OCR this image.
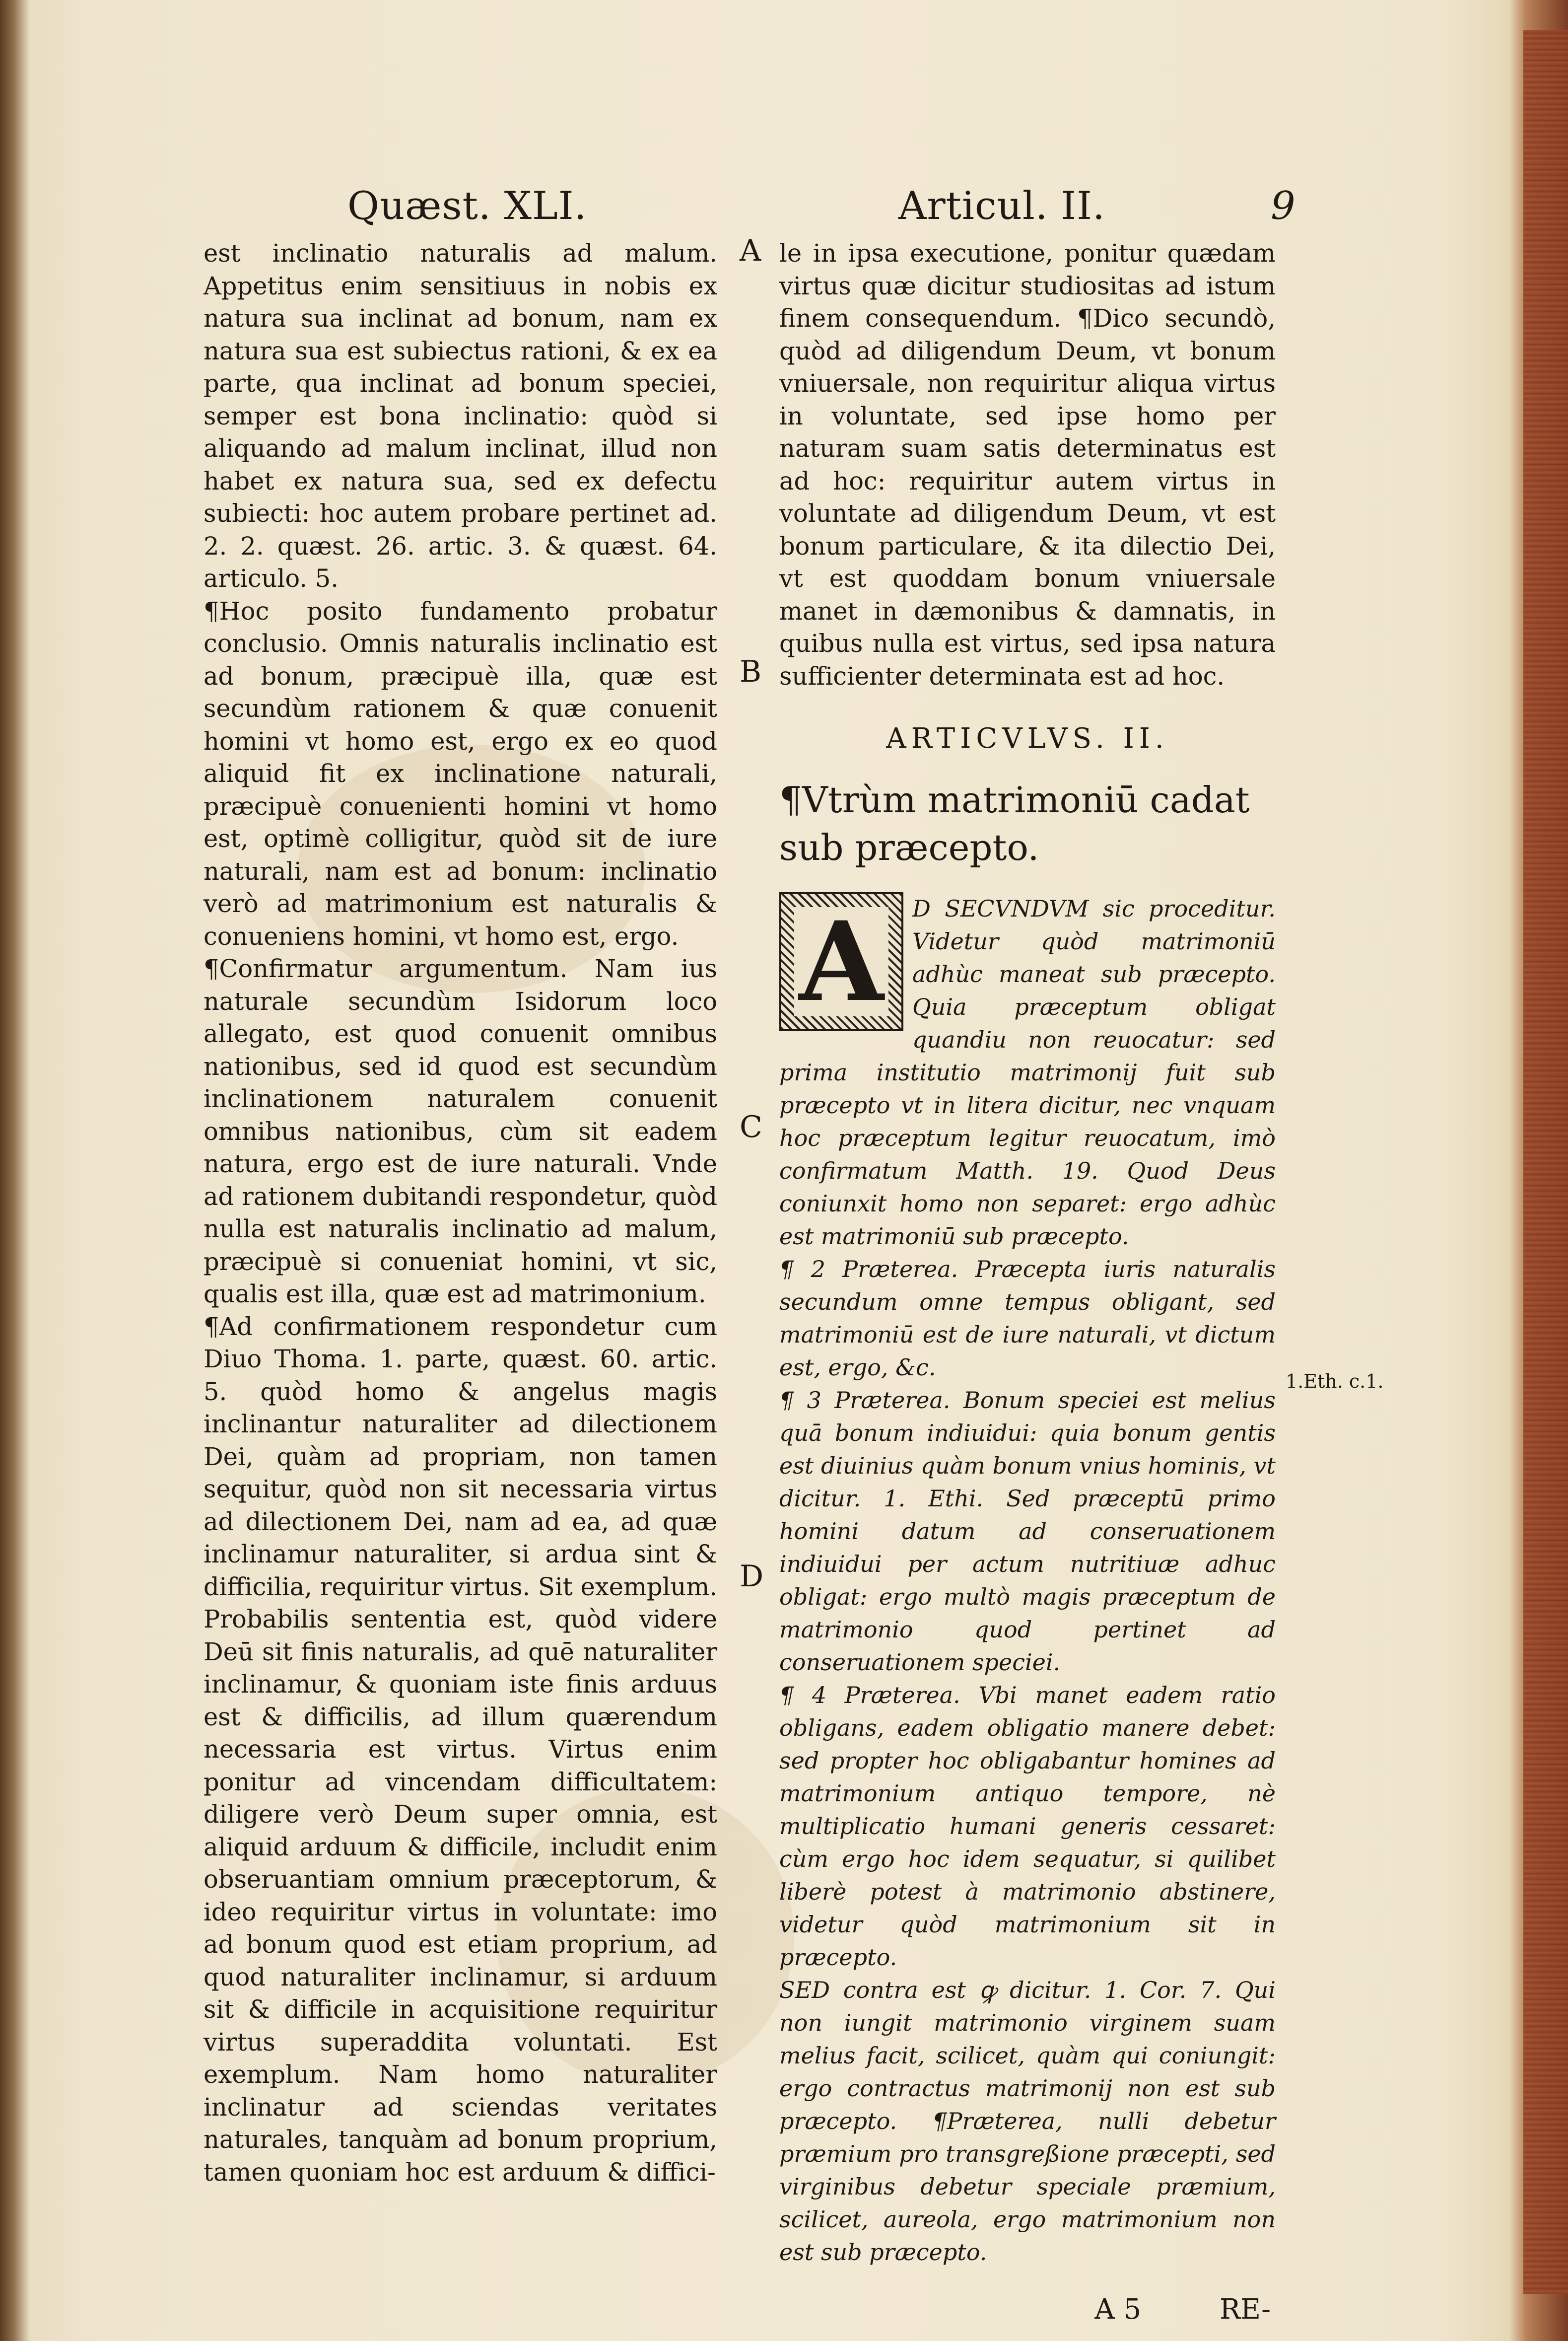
Quæst. XLI.	Articul. II.	9

est inclinatio naturalis ad malum. Appetitus enim sensitiuus in nobis ex natura sua inclinat ad bonum, nam ex natura sua est subiectus rationi, & ex ea parte, qua inclinat ad bonum speciei, semper est bona inclinatio: quòd si aliquando ad malum inclinat, illud non habet ex natura sua, sed ex defectu subiecti: hoc autem probare pertinet ad. 2. 2. quæst. 26. artic. 3. & quæst. 64. articulo. 5.

¶Hoc posito fundamento probatur conclusio. Omnis naturalis inclinatio est ad bonum, præcipuè illa, quæ est secundùm rationem & quæ conuenit homini vt homo est, ergo ex eo quod aliquid fit ex inclinatione naturali, præcipuè conuenienti homini vt homo est, optimè colligitur, quòd sit de iure naturali, nam est ad bonum: inclinatio verò ad matrimonium est naturalis & conueniens homini, vt homo est, ergo.

¶Confirmatur argumentum. Nam ius naturale secundùm Isidorum loco allegato, est quod conuenit omnibus nationibus, sed id quod est secundùm inclinationem naturalem conuenit omnibus nationibus, cùm sit eadem natura, ergo est de iure naturali. Vnde ad rationem dubitandi respondetur, quòd nulla est naturalis inclinatio ad malum, præcipuè si conueniat homini, vt sic, qualis est illa, quæ est ad matrimonium.

¶Ad confirmationem respondetur cum Diuo Thoma. 1. parte, quæst. 60. artic. 5. quòd homo & angelus magis inclinantur naturaliter ad dilectionem Dei, quàm ad propriam, non tamen sequitur, quòd non sit necessaria virtus ad dilectionem Dei, nam ad ea, ad quæ inclinamur naturaliter, si ardua sint & difficilia, requiritur virtus. Sit exemplum. Probabilis sententia est, quòd videre Deū sit finis naturalis, ad quē naturaliter inclinamur, & quoniam iste finis arduus est & difficilis, ad illum quærendum necessaria est virtus. Virtus enim ponitur ad vincendam difficultatem: diligere verò Deum super omnia, est aliquid arduum & difficile, includit enim obseruantiam omnium præceptorum, & ideo requiritur virtus in voluntate: imo ad bonum quod est etiam proprium, ad quod naturaliter inclinamur, si arduum sit & difficile in acquisitione requiritur virtus superaddita voluntati. Est exemplum. Nam homo naturaliter inclinatur ad sciendas veritates naturales, tanquàm ad bonum proprium, tamen quoniam hoc est arduum & diffici-

A
B
C
D
1.Eth. c.1.

le in ipsa executione, ponitur quædam virtus quæ dicitur studiositas ad istum finem consequendum. ¶Dico secundò, quòd ad diligendum Deum, vt bonum vniuersale, non requiritur aliqua virtus in voluntate, sed ipse homo per naturam suam satis determinatus est ad hoc: requiritur autem virtus in voluntate ad diligendum Deum, vt est bonum particulare, & ita dilectio Dei, vt est quoddam bonum vniuersale manet in dæmonibus & damnatis, in quibus nulla est virtus, sed ipsa natura sufficienter determinata est ad hoc.

ARTICVLVS. II.
¶Vtrùm matrimoniū cadat sub præcepto.
A	D SECVNDVM sic proceditur. Videtur quòd matrimoniū adhùc maneat sub præcepto. Quia præceptum obligat quandiu non reuocatur: sed prima institutio matrimonij fuit sub præcepto vt in litera dicitur, nec vnquam hoc præceptum legitur reuocatum, imò confirmatum Matth. 19. Quod Deus coniunxit homo non separet: ergo adhùc est matrimoniū sub præcepto.

¶ 2 Præterea. Præcepta iuris naturalis secundum omne tempus obligant, sed matrimoniū est de iure naturali, vt dictum est, ergo, &c.

¶ 3 Præterea. Bonum speciei est melius quā bonum indiuidui: quia bonum gentis est diuinius quàm bonum vnius hominis, vt dicitur. 1. Ethi. Sed præceptū primo homini datum ad conseruationem indiuidui per actum nutritiuæ adhuc obligat: ergo multò magis præceptum de matrimonio quod pertinet ad conseruationem speciei.

¶ 4 Præterea. Vbi manet eadem ratio obligans, eadem obligatio manere debet: sed propter hoc obligabantur homines ad matrimonium antiquo tempore, nè multiplicatio humani generis cessaret: cùm ergo hoc idem sequatur, si quilibet liberè potest à matrimonio abstinere, videtur quòd matrimonium sit in præcepto.

SED contra est ꝙ dicitur. 1. Cor. 7. Qui non iungit matrimonio virginem suam melius facit, scilicet, quàm qui coniungit: ergo contractus matrimonij non est sub præcepto. ¶Præterea, nulli debetur præmium pro transgreßione præcepti, sed virginibus debetur speciale præmium, scilicet, aureola, ergo matrimonium non est sub præcepto.

A 5	RE-
